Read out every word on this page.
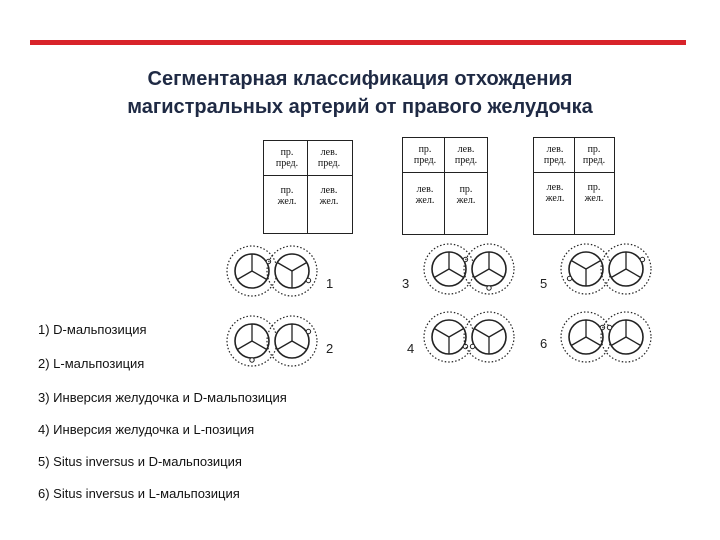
Сегментарная классификация отхождения
магистральных артерий от правого желудочка
пр.
пред.
лев.
пред.
пр.
жел.
лев.
жел.
пр.
пред.
лев.
пред.
лев.
жел.
пр.
жел.
лев.
пред.
пр.
пред.
лев.
жел.
пр.
жел.
1
2
3
4
5
6
1) D-мальпозиция
2) L-мальпозиция
3) Инверсия желудочка и D-мальпозиция
4) Инверсия желудочка и L-позиция
5) Situs inversus и D-мальпозиция
6) Situs inversus и L-мальпозиция
